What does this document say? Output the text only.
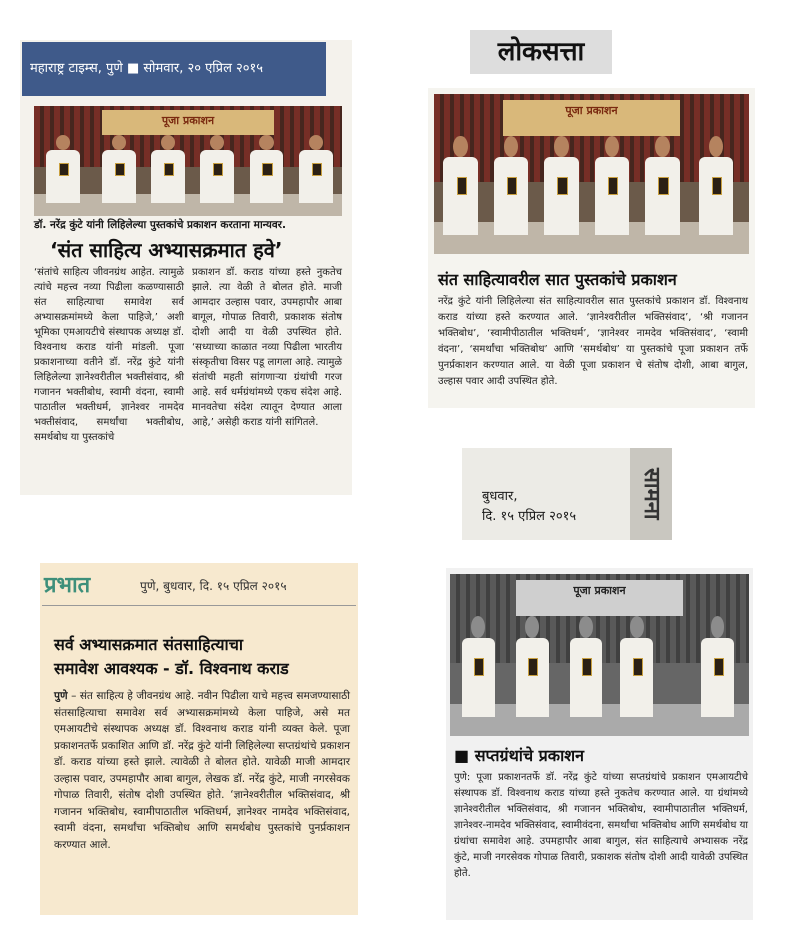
महाराष्ट्र टाइम्स, पुणे ■ सोमवार, २० एप्रिल २०१५
पूजा प्रकाशन
डॉ. नरेंद्र कुंटे यांनी लिहिलेल्या पुस्तकांचे प्रकाशन करताना मान्यवर.
‘संत साहित्य अभ्यासक्रमात हवे’
‘संतांचे साहित्य जीवनग्रंथ आहेत. त्यामुळे त्यांचे महत्त्व नव्या पिढीला कळण्यासाठी संत साहित्याचा समावेश सर्व अभ्यासक्रमांमध्ये केला पाहिजे,’ अशी भूमिका एमआयटीचे संस्थापक अध्यक्ष डॉ. विश्वनाथ कराड यांनी मांडली. पूजा प्रकाशनाच्या वतीने डॉ. नरेंद्र कुंटे यांनी लिहिलेल्या ज्ञानेश्वरीतील भक्तीसंवाद, श्री गजानन भक्तीबोध, स्वामी वंदना, स्वामी पाठातील भक्तीधर्म, ज्ञानेश्वर नामदेव भक्तीसंवाद, समर्थांचा भक्तीबोध, समर्थबोध या पुस्तकांचे
प्रकाशन डॉ. कराड यांच्या हस्ते नुकतेच झाले. त्या वेळी ते बोलत होते. माजी आमदार उल्हास पवार, उपमहापौर आबा बागूल, गोपाळ तिवारी, प्रकाशक संतोष दोशी आदी या वेळी उपस्थित होते. ‘सध्याच्या काळात नव्या पिढीला भारतीय संस्कृतीचा विसर पडू लागला आहे. त्यामुळे संतांची महती सांगणाऱ्या ग्रंथांची गरज आहे. सर्व धर्मग्रंथांमध्ये एकच संदेश आहे. मानवतेचा संदेश त्यातून देण्यात आला आहे,’ असेही कराड यांनी सांगितले.
लोकसत्ता
पूजा प्रकाशन
संत साहित्यावरील सात पुस्तकांचे प्रकाशन
नरेंद्र कुंटे यांनी लिहिलेल्या संत साहित्यावरील सात पुस्तकांचे प्रकाशन डॉ. विश्वनाथ कराड यांच्या हस्ते करण्यात आले. ‘ज्ञानेश्वरीतील भक्तिसंवाद’, ‘श्री गजानन भक्तिबोध’, ‘स्वामीपीठातील भक्तिधर्म’, ‘ज्ञानेश्वर नामदेव भक्तिसंवाद’, ‘स्वामी वंदना’, ‘समर्थांचा भक्तिबोध’ आणि ‘समर्थबोध’ या पुस्तकांचे पूजा प्रकाशन तर्फे पुनर्प्रकाशन करण्यात आले. या वेळी पूजा प्रकाशन चे संतोष दोशी, आबा बागुल, उल्हास पवार आदी उपस्थित होते.
बुधवार,
दि. १५ एप्रिल २०१५	सामना
प्रभात	पुणे, बुधवार, दि. १५ एप्रिल २०१५
सर्व अभ्यासक्रमात संतसाहित्याचा
समावेश आवश्यक - डॉ. विश्वनाथ कराड
पुणे – संत साहित्य हे जीवनग्रंथ आहे. नवीन पिढीला याचे महत्त्व समजण्यासाठी संतसाहित्याचा समावेश सर्व अभ्यासक्रमांमध्ये केला पाहिजे, असे मत एमआयटीचे संस्थापक अध्यक्ष डॉ. विश्वनाथ कराड यांनी व्यक्त केले. पूजा प्रकाशनतर्फे प्रकाशित आणि डॉ. नरेंद्र कुंटे यांनी लिहिलेल्या सप्तग्रंथांचे प्रकाशन डॉ. कराड यांच्या हस्ते झाले. त्यावेळी ते बोलत होते. यावेळी माजी आमदार उल्हास पवार, उपमहापौर आबा बागुल, लेखक डॉ. नरेंद्र कुंटे, माजी नगरसेवक गोपाळ तिवारी, संतोष दोशी उपस्थित होते. ‘ज्ञानेश्वरीतील भक्तिसंवाद, श्री गजानन भक्तिबोध, स्वामीपाठातील भक्तिधर्म, ज्ञानेश्वर नामदेव भक्तिसंवाद, स्वामी वंदना, समर्थांचा भक्तिबोध आणि समर्थबोध पुस्तकांचे पुनर्प्रकाशन करण्यात आले.
पूजा प्रकाशन
■ सप्तग्रंथांचे प्रकाशन
पुणे: पूजा प्रकाशनतर्फे डॉ. नरेंद्र कुंटे यांच्या सप्तग्रंथांचे प्रकाशन एमआयटीचे संस्थापक डॉ. विश्वनाथ कराड यांच्या हस्ते नुकतेच करण्यात आले. या ग्रंथांमध्ये ज्ञानेश्वरीतील भक्तिसंवाद, श्री गजानन भक्तिबोध, स्वामीपाठातील भक्तिधर्म, ज्ञानेश्वर-नामदेव भक्तिसंवाद, स्वामीवंदना, समर्थांचा भक्तिबोध आणि समर्थबोध या ग्रंथांचा समावेश आहे. उपमहापौर आबा बागुल, संत साहित्याचे अभ्यासक नरेंद्र कुंटे, माजी नगरसेवक गोपाळ तिवारी, प्रकाशक संतोष दोशी आदी यावेळी उपस्थित होते.
